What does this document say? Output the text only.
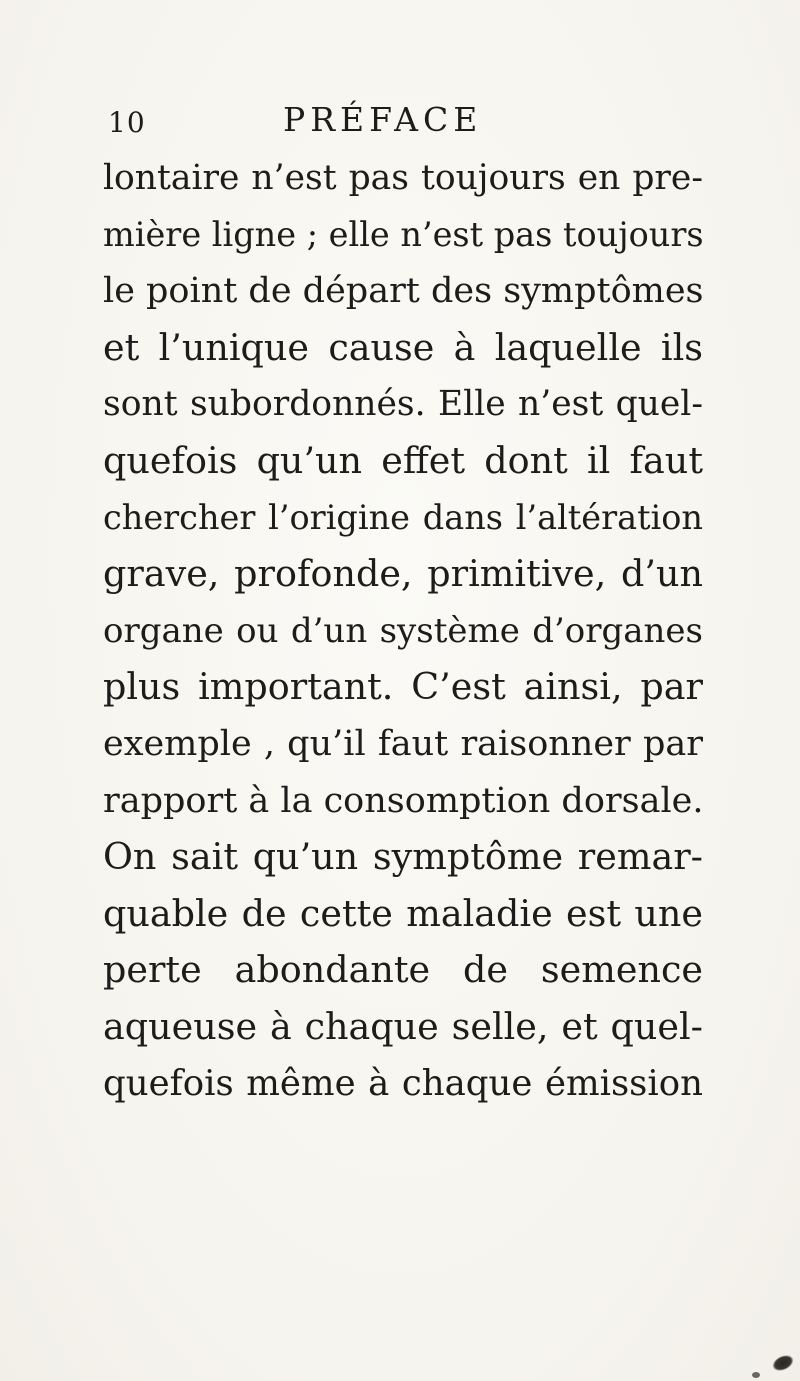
10	PRÉFACE
lontaire n’est pas toujours en pre-
mière ligne ; elle n’est pas toujours
le point de départ des symptômes
et l’unique cause à laquelle ils
sont subordonnés. Elle n’est quel-
quefois qu’un effet dont il faut
chercher l’origine dans l’altération
grave, profonde, primitive, d’un
organe ou d’un système d’organes
plus important. C’est ainsi, par
exemple , qu’il faut raisonner par
rapport à la consomption dorsale.
On sait qu’un symptôme remar-
quable de cette maladie est une
perte abondante de semence
aqueuse à chaque selle, et quel-
quefois même à chaque émission
